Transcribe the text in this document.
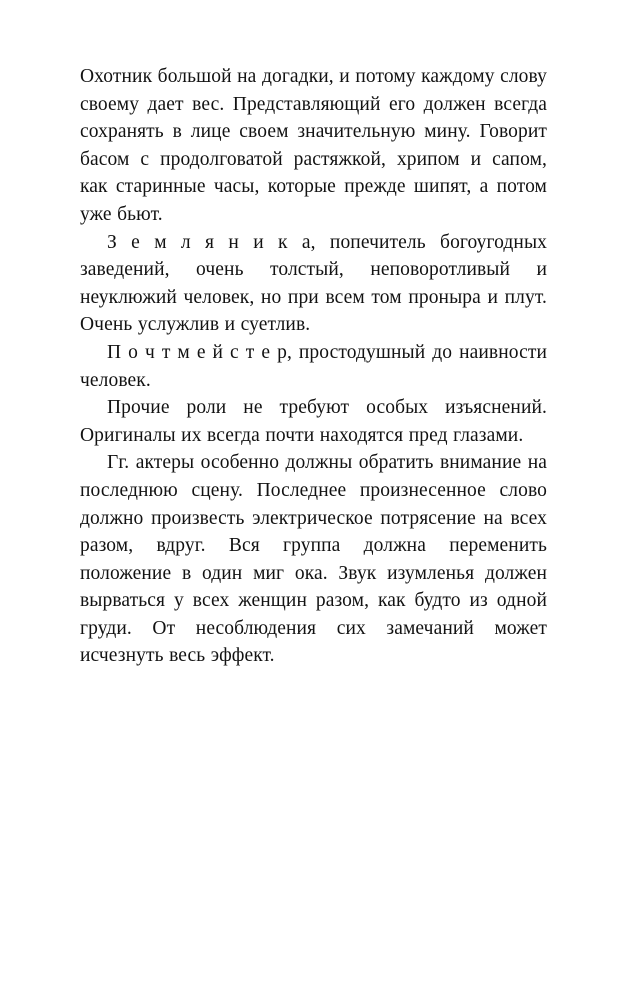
Охотник большой на догадки, и потому каждому слову своему дает вес. Представляющий его должен всегда сохранять в лице своем значительную мину. Говорит басом с продолговатой растяжкой, хрипом и сапом, как старинные часы, которые прежде шипят, а потом уже бьют.

З е м л я н и к а, попечитель богоугодных заведений, очень толстый, неповоротливый и неуклюжий человек, но при всем том проныра и плут. Очень услужлив и суетлив.

П о ч т м е й с т е р, простодушный до наивности человек.

Прочие роли не требуют особых изъяснений. Оригиналы их всегда почти находятся пред глазами.

Гг. актеры особенно должны обратить внимание на последнюю сцену. Последнее произнесенное слово должно произвесть электрическое потрясение на всех разом, вдруг. Вся группа должна переменить положение в один миг ока. Звук изумленья должен вырваться у всех женщин разом, как будто из одной груди. От несоблюдения сих замечаний может исчезнуть весь эффект.
